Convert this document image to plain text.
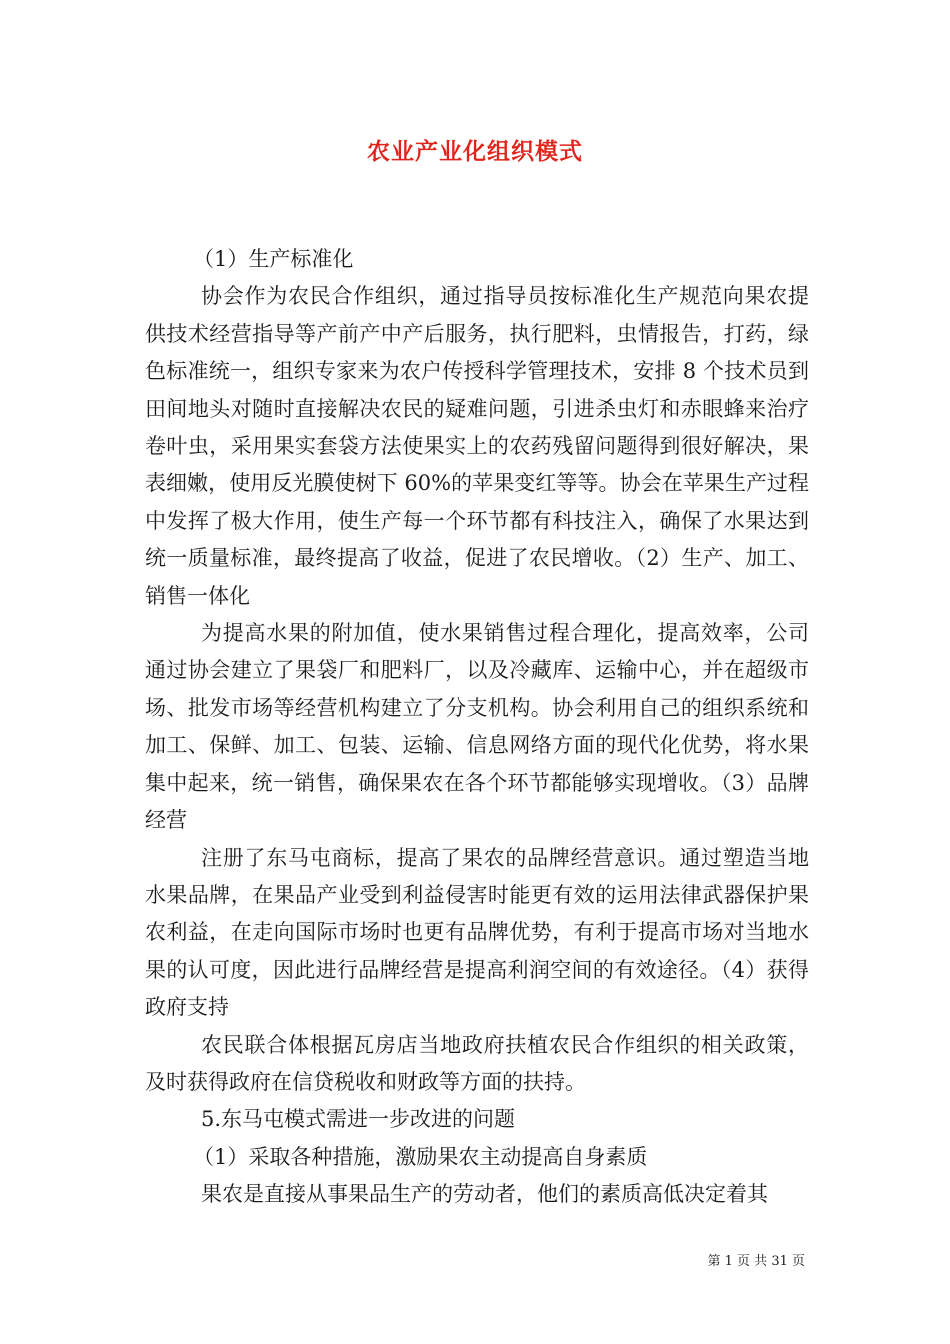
农业产业化组织模式

（1）生产标准化

协会作为农民合作组织，通过指导员按标准化生产规范向果农提供技术经营指导等产前产中产后服务，执行肥料，虫情报告，打药，绿色标准统一，组织专家来为农户传授科学管理技术，安排 8 个技术员到田间地头对随时直接解决农民的疑难问题，引进杀虫灯和赤眼蜂来治疗卷叶虫，采用果实套袋方法使果实上的农药残留问题得到很好解决，果表细嫩，使用反光膜使树下 60%的苹果变红等等。协会在苹果生产过程中发挥了极大作用，使生产每一个环节都有科技注入，确保了水果达到统一质量标准，最终提高了收益，促进了农民增收。（2）生产、加工、销售一体化

为提高水果的附加值，使水果销售过程合理化，提高效率，公司通过协会建立了果袋厂和肥料厂，以及冷藏库、运输中心，并在超级市场、批发市场等经营机构建立了分支机构。协会利用自己的组织系统和加工、保鲜、加工、包装、运输、信息网络方面的现代化优势，将水果集中起来，统一销售，确保果农在各个环节都能够实现增收。（3）品牌经营

注册了东马屯商标，提高了果农的品牌经营意识。通过塑造当地水果品牌，在果品产业受到利益侵害时能更有效的运用法律武器保护果农利益，在走向国际市场时也更有品牌优势，有利于提高市场对当地水果的认可度，因此进行品牌经营是提高利润空间的有效途径。（4）获得政府支持

农民联合体根据瓦房店当地政府扶植农民合作组织的相关政策，及时获得政府在信贷税收和财政等方面的扶持。

5.东马屯模式需进一步改进的问题

（1）采取各种措施，激励果农主动提高自身素质

果农是直接从事果品生产的劳动者，他们的素质高低决定着其

第 1 页 共 31 页
